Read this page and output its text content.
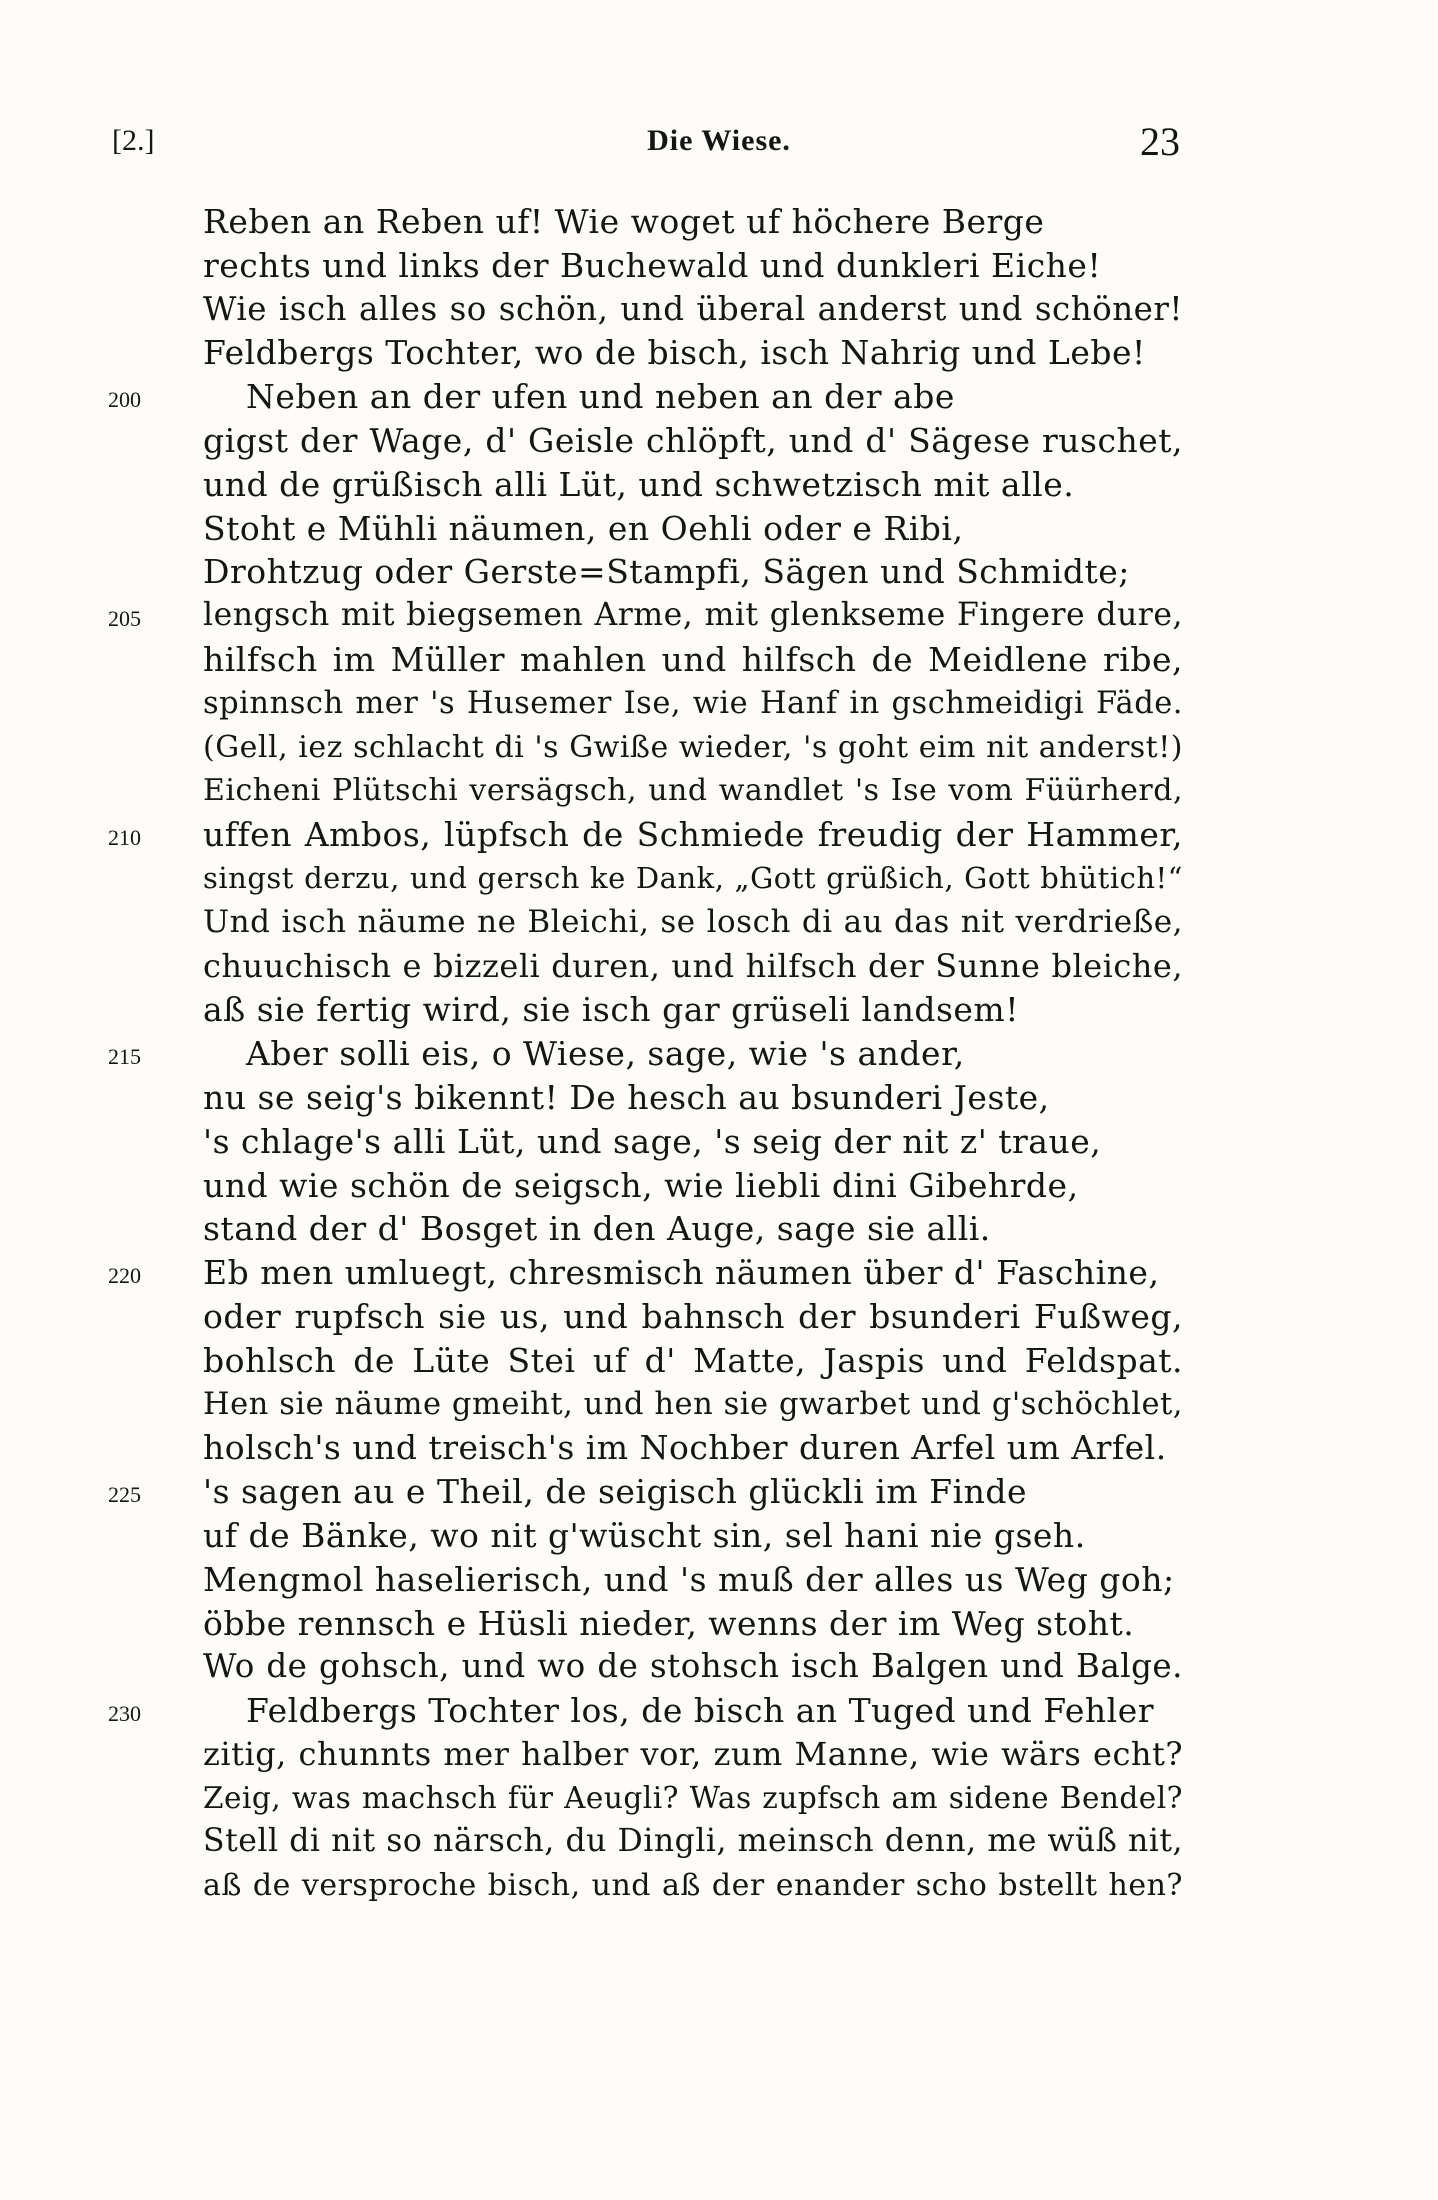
[2.]	Die Wiese.	23
Reben an Reben uf! Wie woget uf höchere Berge
rechts und links der Buchewald und dunkleri Eiche!
Wie isch alles so schön, und überal anderst und schöner!
Feldbergs Tochter, wo de bisch, isch Nahrig und Lebe!
200	Neben an der ufen und neben an der abe
gigst der Wage, d' Geisle chlöpft, und d' Sägese ruschet,
und de grüßisch alli Lüt, und schwetzisch mit alle.
Stoht e Mühli näumen, en Oehli oder e Ribi,
Drohtzug oder Gerste=Stampfi, Sägen und Schmidte;
205 lengsch mit biegsemen Arme, mit glenkseme Fingere dure,
hilfsch im Müller mahlen und hilfsch de Meidlene ribe,
spinnsch mer 's Husemer Ise, wie Hanf in gschmeidigi Fäde.
(Gell, iez schlacht di 's Gwiße wieder, 's goht eim nit anderst!)
Eicheni Plütschi versägsch, und wandlet 's Ise vom Füürherd,
210 uffen Ambos, lüpfsch de Schmiede freudig der Hammer,
singst derzu, und gersch ke Dank, „Gott grüßich, Gott bhütich!“
Und isch näume ne Bleichi, se losch di au das nit verdrieße,
chuuchisch e bizzeli duren, und hilfsch der Sunne bleiche,
aß sie fertig wird, sie isch gar grüseli landsem!
215	Aber solli eis, o Wiese, sage, wie 's ander,
nu se seig's bikennt! De hesch au bsunderi Jeste,
's chlage's alli Lüt, und sage, 's seig der nit z' traue,
und wie schön de seigsch, wie liebli dini Gibehrde,
stand der d' Bosget in den Auge, sage sie alli.
220 Eb men umluegt, chresmisch näumen über d' Faschine,
oder rupfsch sie us, und bahnsch der bsunderi Fußweg,
bohlsch de Lüte Stei uf d' Matte, Jaspis und Feldspat.
Hen sie näume gmeiht, und hen sie gwarbet und g'schöchlet,
holsch's und treisch's im Nochber duren Arfel um Arfel.
225 's sagen au e Theil, de seigisch glückli im Finde
uf de Bänke, wo nit g'wüscht sin, sel hani nie gseh.
Mengmol haselierisch, und 's muß der alles us Weg goh;
öbbe rennsch e Hüsli nieder, wenns der im Weg stoht.
Wo de gohsch, und wo de stohsch isch Balgen und Balge.
230	Feldbergs Tochter los, de bisch an Tuged und Fehler
zitig, chunnts mer halber vor, zum Manne, wie wärs echt?
Zeig, was machsch für Aeugli? Was zupfsch am sidene Bendel?
Stell di nit so närsch, du Dingli, meinsch denn, me wüß nit,
aß de versproche bisch, und aß der enander scho bstellt hen?
